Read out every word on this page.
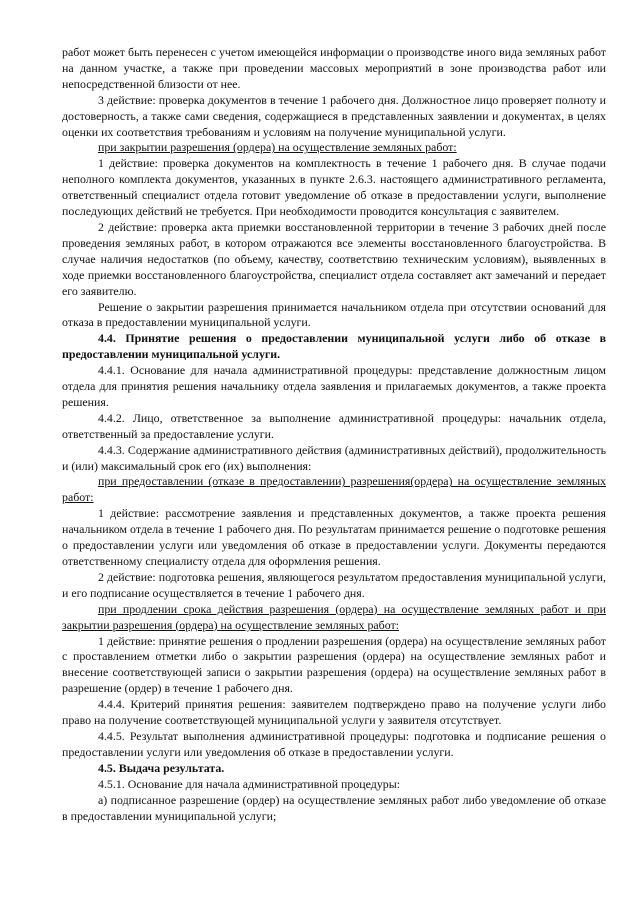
работ может быть перенесен с учетом имеющейся информации о производстве иного вида земляных работ на данном участке, а также при проведении массовых мероприятий в зоне производства работ или непосредственной близости от нее.

3 действие: проверка документов в течение 1 рабочего дня. Должностное лицо проверяет полноту и достоверность, а также сами сведения, содержащиеся в представленных заявлении и документах, в целях оценки их соответствия требованиям и условиям на получение муниципальной услуги.

при закрытии разрешения (ордера) на осуществление земляных работ:

1 действие: проверка документов на комплектность в течение 1 рабочего дня. В случае подачи неполного комплекта документов, указанных в пункте 2.6.3. настоящего административного регламента, ответственный специалист отдела готовит уведомление об отказе в предоставлении услуги, выполнение последующих действий не требуется. При необходимости проводится консультация с заявителем.

2 действие: проверка акта приемки восстановленной территории в течение 3 рабочих дней после проведения земляных работ, в котором отражаются все элементы восстановленного благоустройства. В случае наличия недостатков (по объему, качеству, соответствию техническим условиям), выявленных в ходе приемки восстановленного благоустройства, специалист отдела составляет акт замечаний и передает его заявителю.

Решение о закрытии разрешения принимается начальником отдела при отсутствии оснований для отказа в предоставлении муниципальной услуги.

4.4. Принятие решения о предоставлении муниципальной услуги либо об отказе в предоставлении муниципальной услуги.

4.4.1. Основание для начала административной процедуры: представление должностным лицом отдела для принятия решения начальнику отдела заявления и прилагаемых документов, а также проекта решения.

4.4.2. Лицо, ответственное за выполнение административной процедуры: начальник отдела, ответственный за предоставление услуги.

4.4.3. Содержание административного действия (административных действий), продолжительность и (или) максимальный срок его (их) выполнения:

при предоставлении (отказе в предоставлении) разрешения(ордера) на осуществление земляных работ:

1 действие: рассмотрение заявления и представленных документов, а также проекта решения начальником отдела в течение 1 рабочего дня. По результатам принимается решение о подготовке решения о предоставлении услуги или уведомления об отказе в предоставлении услуги. Документы передаются ответственному специалисту отдела для оформления решения.

2 действие: подготовка решения, являющегося результатом предоставления муниципальной услуги, и его подписание осуществляется в течение 1 рабочего дня.

при продлении срока действия разрешения (ордера) на осуществление земляных работ и при закрытии разрешения (ордера) на осуществление земляных работ:

1 действие: принятие решения о продлении разрешения (ордера) на осуществление земляных работ с проставлением отметки либо о закрытии разрешения (ордера) на осуществление земляных работ и внесение соответствующей записи о закрытии разрешения (ордера) на осуществление земляных работ в разрешение (ордер) в течение 1 рабочего дня.

4.4.4. Критерий принятия решения: заявителем подтверждено право на получение услуги либо право на получение соответствующей муниципальной услуги у заявителя отсутствует.

4.4.5. Результат выполнения административной процедуры: подготовка и подписание решения о предоставлении услуги или уведомления об отказе в предоставлении услуги.

4.5. Выдача результата.

4.5.1. Основание для начала административной процедуры:

а) подписанное разрешение (ордер) на осуществление земляных работ либо уведомление об отказе в предоставлении муниципальной услуги;
